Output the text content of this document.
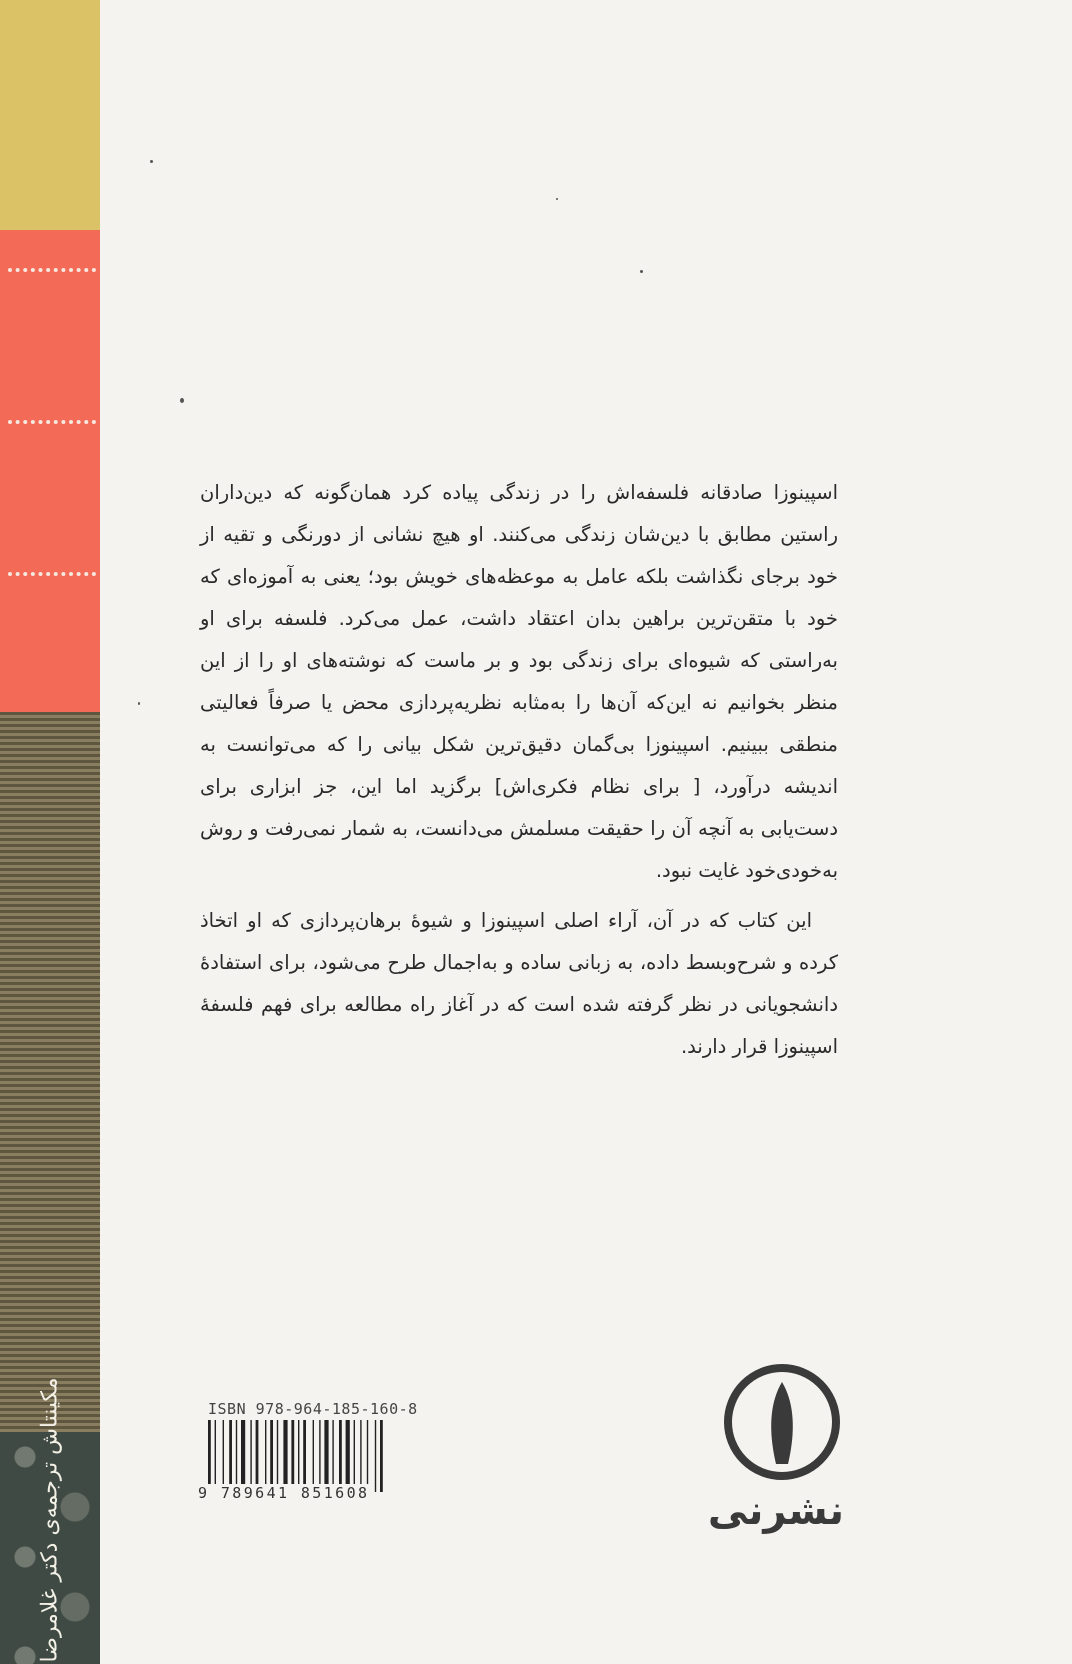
مکینتاش ترجمه‌ی دکتر غلامرضا

اسپینوزا صادقانه فلسفه‌اش را در زندگی پیاده کرد همان‌گونه که دین‌داران راستین مطابق با دین‌شان زندگی می‌کنند. او هیچ نشانی از دورنگی و تقیه از خود برجای نگذاشت بلکه عامل به موعظه‌های خویش بود؛ یعنی به آموزه‌ای که خود با متقن‌ترین براهین بدان اعتقاد داشت، عمل می‌کرد. فلسفه برای او به‌راستی که شیوه‌ای برای زندگی بود و بر ماست که نوشته‌های او را از این منظر بخوانیم نه این‌که آن‌ها را به‌مثابه نظریه‌پردازی محض یا صرفاً فعالیتی منطقی ببینیم. اسپینوزا بی‌گمان دقیق‌ترین شکل بیانی را که می‌توانست به اندیشه درآورد، [ برای نظام فکری‌اش] برگزید اما این، جز ابزاری برای دست‌یابی به آنچه آن را حقیقت مسلمش می‌دانست، به شمار نمی‌رفت و روش به‌خودی‌خود غایت نبود.

این کتاب که در آن، آراء اصلی اسپینوزا و شیوهٔ برهان‌پردازی که او اتخاذ کرده و شرح‌وبسط داده، به زبانی ساده و به‌اجمال طرح می‌شود، برای استفادهٔ دانشجویانی در نظر گرفته شده است که در آغاز راه مطالعه برای فهم فلسفهٔ اسپینوزا قرار دارند.

ISBN 978-964-185-160-8
9 789641 851608	نشرنی
